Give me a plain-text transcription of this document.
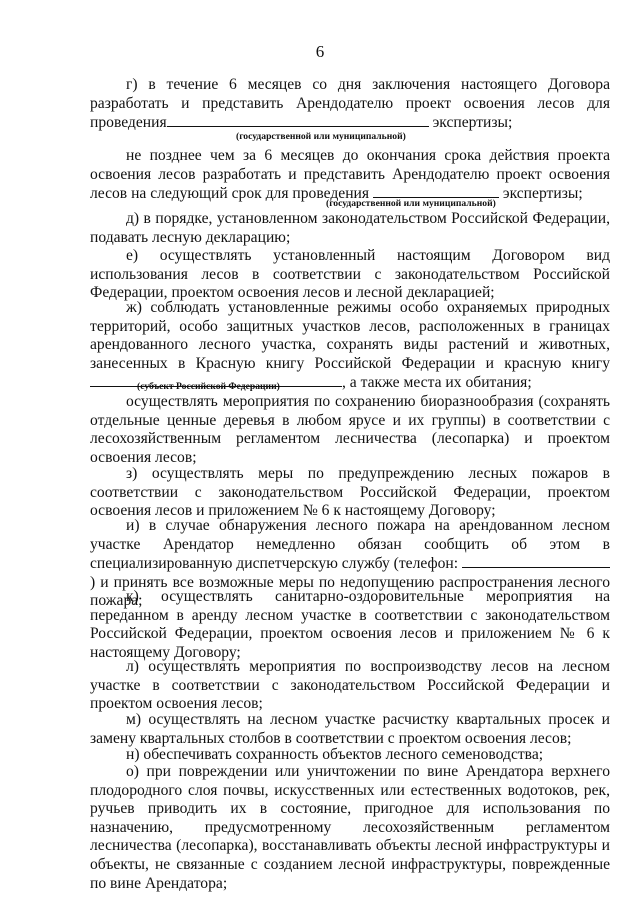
6
г) в течение 6 месяцев со дня заключения настоящего Договора разработать и представить Арендодателю проект освоения лесов для проведения	экспертизы;
(государственной или муниципальной)
не позднее чем за 6 месяцев до окончания срока действия проекта освоения лесов разработать и представить Арендодателю проект освоения лесов на следующий срок для проведения	экспертизы;
(государственной или муниципальной)
д) в порядке, установленном законодательством Российской Федерации, подавать лесную декларацию;
е) осуществлять установленный настоящим Договором вид использования лесов в соответствии с законодательством Российской Федерации, проектом освоения лесов и лесной декларацией;
ж) соблюдать установленные режимы особо охраняемых природных территорий, особо защитных участков лесов, расположенных в границах арендованного лесного участка, сохранять виды растений и животных, занесенных в Красную книгу Российской Федерации и красную книгу , а также места их обитания;
(субъект Российской Федерации)
осуществлять мероприятия по сохранению биоразнообразия (сохранять отдельные ценные деревья в любом ярусе и их группы) в соответствии с лесохозяйственным регламентом лесничества (лесопарка) и проектом освоения лесов;
з) осуществлять меры по предупреждению лесных пожаров в соответствии с законодательством Российской Федерации, проектом освоения лесов и приложением № 6 к настоящему Договору;
и) в случае обнаружения лесного пожара на арендованном лесном участке Арендатор немедленно обязан сообщить об этом в специализированную диспетчерскую службу (телефон: ) и принять все возможные меры по недопущению распространения лесного пожара;
к) осуществлять санитарно-оздоровительные мероприятия на переданном в аренду лесном участке в соответствии с законодательством Российской Федерации, проектом освоения лесов и приложением № 6 к настоящему Договору;
л) осуществлять мероприятия по воспроизводству лесов на лесном участке в соответствии с законодательством Российской Федерации и проектом освоения лесов;
м) осуществлять на лесном участке расчистку квартальных просек и замену квартальных столбов в соответствии с проектом освоения лесов;
н) обеспечивать сохранность объектов лесного семеноводства;
о) при повреждении или уничтожении по вине Арендатора верхнего плодородного слоя почвы, искусственных или естественных водотоков, рек, ручьев приводить их в состояние, пригодное для использования по назначению, предусмотренному лесохозяйственным регламентом лесничества (лесопарка), восстанавливать объекты лесной инфраструктуры и объекты, не связанные с созданием лесной инфраструктуры, поврежденные по вине Арендатора;
